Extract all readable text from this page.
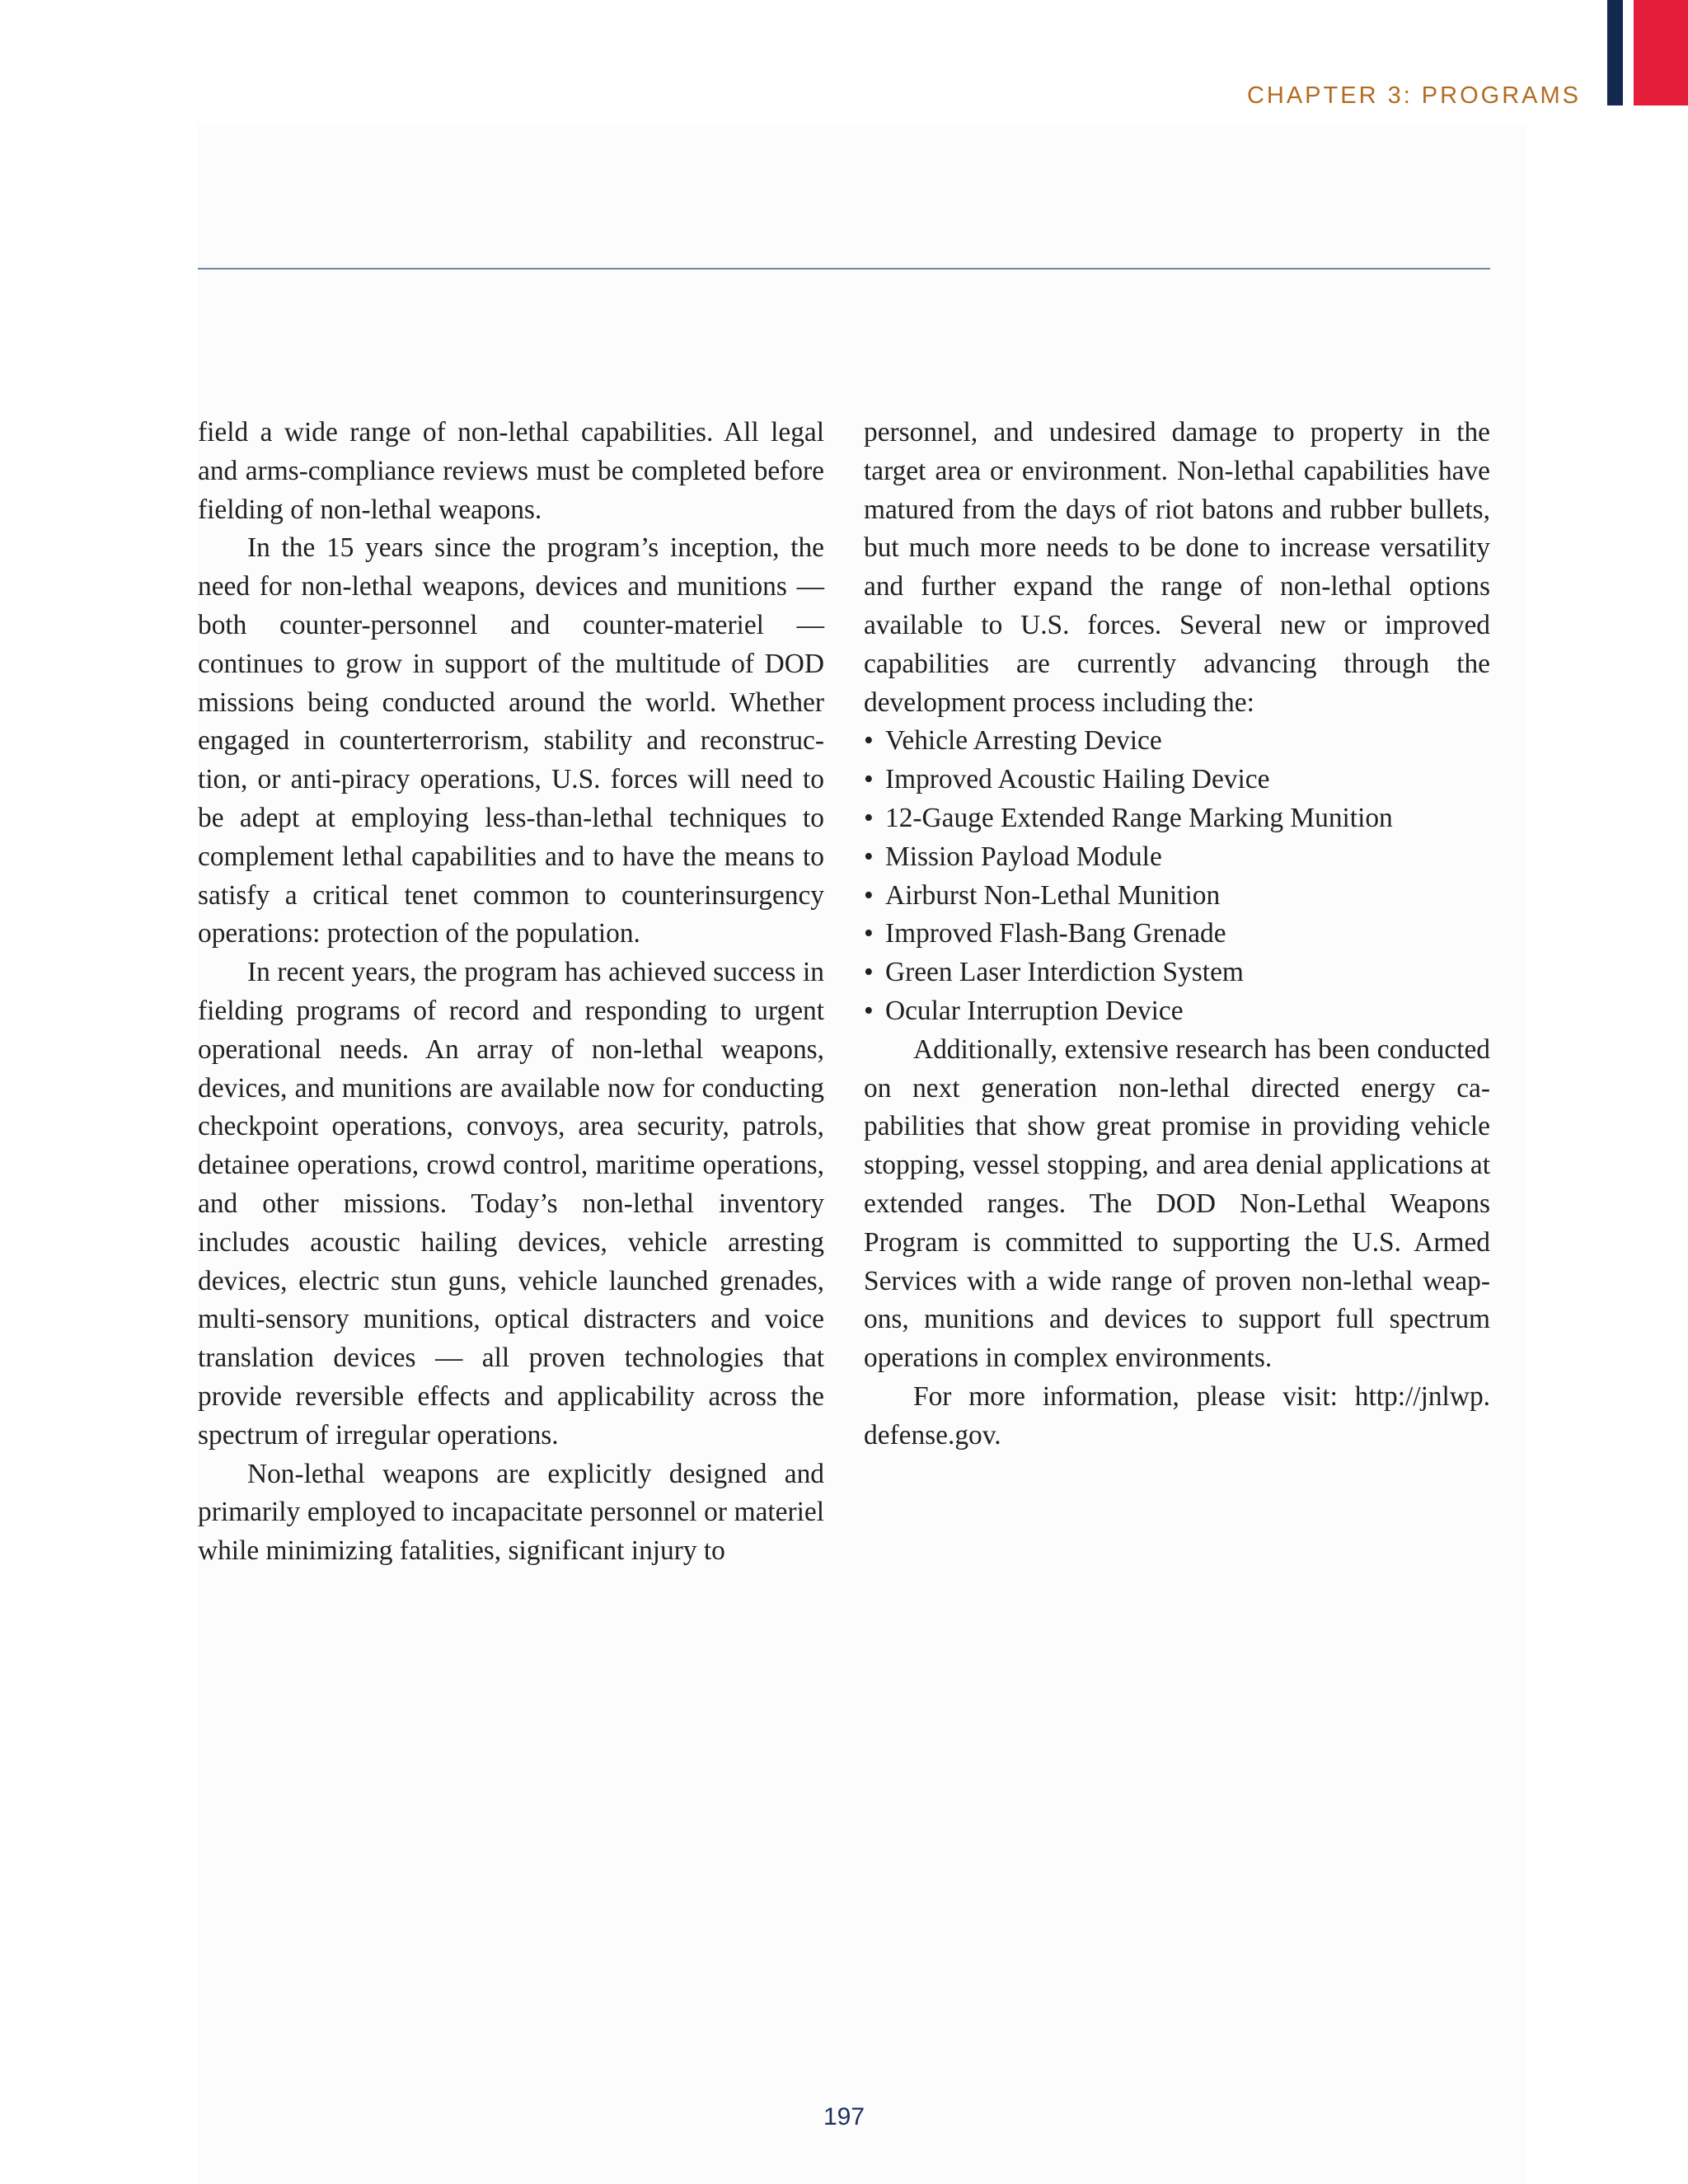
CHAPTER 3: PROGRAMS

field a wide range of non-lethal capabilities. All legal and arms-compliance reviews must be completed before fielding of non-lethal weapons.

In the 15 years since the program’s inception, the need for non-lethal weapons, devices and munitions — both counter-personnel and counter-materiel — continues to grow in support of the multitude of DOD missions being conducted around the world. Whether engaged in counterterrorism, stability and reconstruction, or anti-piracy operations, U.S. forces will need to be adept at employing less-than-lethal techniques to complement lethal capabilities and to have the means to satisfy a critical tenet common to counterinsurgency operations: protection of the population.

In recent years, the program has achieved success in fielding programs of record and responding to urgent operational needs. An array of non-lethal weapons, devices, and munitions are available now for conducting checkpoint operations, convoys, area security, patrols, detainee operations, crowd control, maritime operations, and other missions. Today’s non-lethal inventory includes acoustic hailing devices, vehicle arresting devices, electric stun guns, vehicle launched grenades, multi-sensory munitions, optical distracters and voice translation devices — all proven technologies that provide reversible effects and applicability across the spectrum of irregular operations.

Non-lethal weapons are explicitly designed and primarily employed to incapacitate personnel or materiel while minimizing fatalities, significant injury to

personnel, and undesired damage to property in the target area or environment. Non-lethal capabilities have matured from the days of riot batons and rubber bullets, but much more needs to be done to increase versatility and further expand the range of non-lethal options available to U.S. forces. Several new or improved capabilities are currently advancing through the development process including the:

• Vehicle Arresting Device
• Improved Acoustic Hailing Device
• 12-Gauge Extended Range Marking Munition
• Mission Payload Module
• Airburst Non-Lethal Munition
• Improved Flash-Bang Grenade
• Green Laser Interdiction System
• Ocular Interruption Device

Additionally, extensive research has been conducted on next generation non-lethal directed energy capabilities that show great promise in providing vehicle stopping, vessel stopping, and area denial applications at extended ranges. The DOD Non-Lethal Weapons Program is committed to supporting the U.S. Armed Services with a wide range of proven non-lethal weapons, munitions and devices to support full spectrum operations in complex environments.

For more information, please visit: http://jnlwp.​defense.gov.

197
